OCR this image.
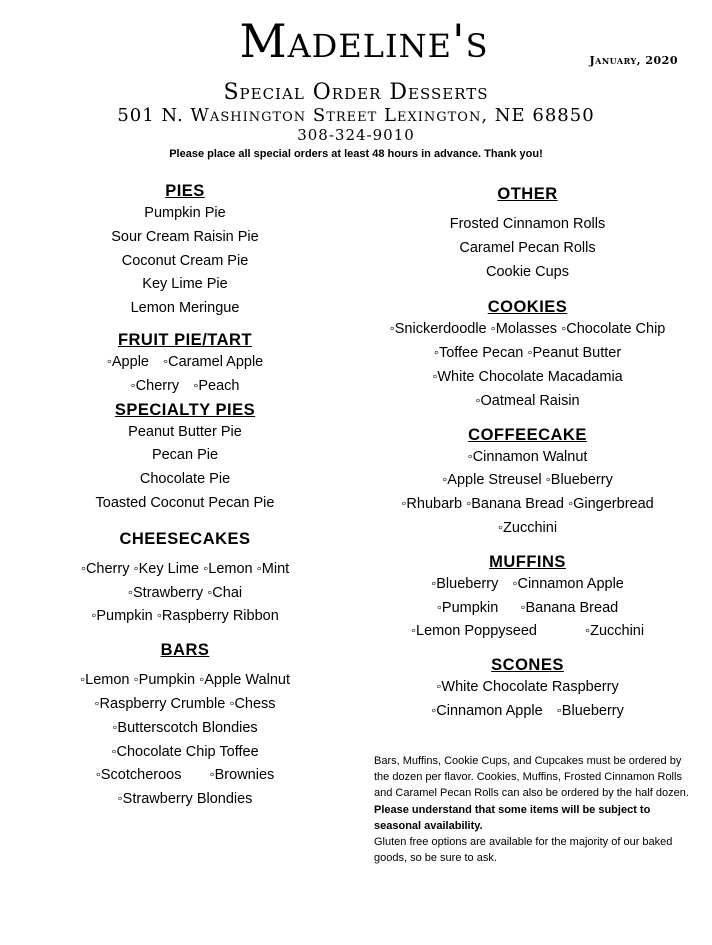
Madeline's	January, 2020
Special Order Desserts
501 N. Washington Street Lexington, NE 68850
308-324-9010
Please place all special orders at least 48 hours in advance. Thank you!

PIES

Pumpkin Pie

Sour Cream Raisin Pie

Coconut Cream Pie

Key Lime Pie

Lemon Meringue

FRUIT PIE/TART

◦Apple ◦Caramel Apple

◦Cherry ◦Peach

SPECIALTY PIES

Peanut Butter Pie

Pecan Pie

Chocolate Pie

Toasted Coconut Pecan Pie

CHEESECAKES

◦Cherry ◦Key Lime ◦Lemon ◦Mint

◦Strawberry ◦Chai

◦Pumpkin ◦Raspberry Ribbon

BARS

◦Lemon ◦Pumpkin ◦Apple Walnut

◦Raspberry Crumble ◦Chess

◦Butterscotch Blondies

◦Chocolate Chip Toffee

◦Scotcheroos ◦Brownies

◦Strawberry Blondies

OTHER

Frosted Cinnamon Rolls

Caramel Pecan Rolls

Cookie Cups

COOKIES

◦Snickerdoodle ◦Molasses ◦Chocolate Chip

◦Toffee Pecan ◦Peanut Butter

◦White Chocolate Macadamia

◦Oatmeal Raisin

COFFEECAKE

◦Cinnamon Walnut

◦Apple Streusel ◦Blueberry

◦Rhubarb ◦Banana Bread ◦Gingerbread

◦Zucchini

MUFFINS

◦Blueberry ◦Cinnamon Apple

◦Pumpkin ◦Banana Bread

◦Lemon Poppyseed	◦Zucchini

SCONES

◦White Chocolate Raspberry

◦Cinnamon Apple ◦Blueberry

Bars, Muffins, Cookie Cups, and Cupcakes must be ordered by the dozen per flavor. Cookies, Muffins, Frosted Cinnamon Rolls and Caramel Pecan Rolls can also be ordered by the half dozen.

Please understand that some items will be subject to seasonal availability.

Gluten free options are available for the majority of our baked goods, so be sure to ask.
